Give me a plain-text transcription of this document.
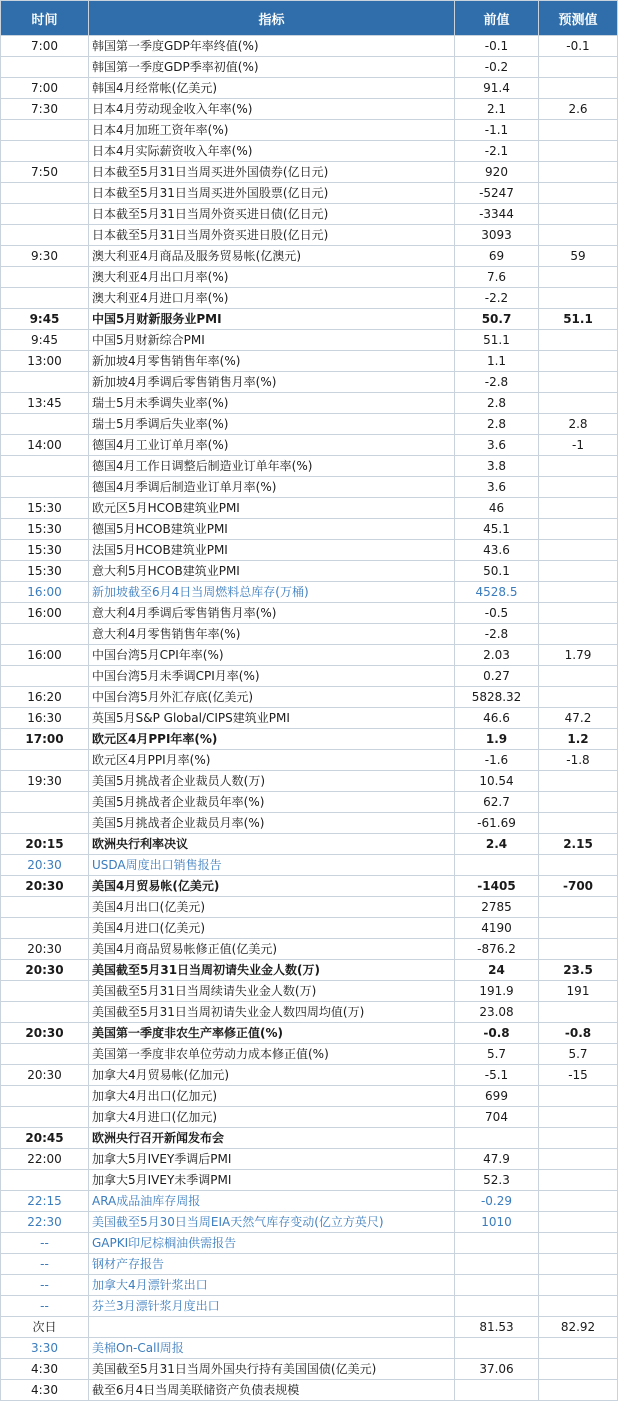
时间	指标	前值	预测值
7:00	韩国第一季度GDP年率终值(%)	-0.1	-0.1
	韩国第一季度GDP季率初值(%)	-0.2	
7:00	韩国4月经常帐(亿美元)	91.4	
7:30	日本4月劳动现金收入年率(%)	2.1	2.6
	日本4月加班工资年率(%)	-1.1	
	日本4月实际薪资收入年率(%)	-2.1	
7:50	日本截至5月31日当周买进外国债券(亿日元)	920	
	日本截至5月31日当周买进外国股票(亿日元)	-5247	
	日本截至5月31日当周外资买进日债(亿日元)	-3344	
	日本截至5月31日当周外资买进日股(亿日元)	3093	
9:30	澳大利亚4月商品及服务贸易帐(亿澳元)	69	59
	澳大利亚4月出口月率(%)	7.6	
	澳大利亚4月进口月率(%)	-2.2	
9:45	中国5月财新服务业PMI	50.7	51.1
9:45	中国5月财新综合PMI	51.1	
13:00	新加坡4月零售销售年率(%)	1.1	
	新加坡4月季调后零售销售月率(%)	-2.8	
13:45	瑞士5月未季调失业率(%)	2.8	
	瑞士5月季调后失业率(%)	2.8	2.8
14:00	德国4月工业订单月率(%)	3.6	-1
	德国4月工作日调整后制造业订单年率(%)	3.8	
	德国4月季调后制造业订单月率(%)	3.6	
15:30	欧元区5月HCOB建筑业PMI	46	
15:30	德国5月HCOB建筑业PMI	45.1	
15:30	法国5月HCOB建筑业PMI	43.6	
15:30	意大利5月HCOB建筑业PMI	50.1	
16:00	新加坡截至6月4日当周燃料总库存(万桶)	4528.5	
16:00	意大利4月季调后零售销售月率(%)	-0.5	
	意大利4月零售销售年率(%)	-2.8	
16:00	中国台湾5月CPI年率(%)	2.03	1.79
	中国台湾5月未季调CPI月率(%)	0.27	
16:20	中国台湾5月外汇存底(亿美元)	5828.32	
16:30	英国5月S&P Global/CIPS建筑业PMI	46.6	47.2
17:00	欧元区4月PPI年率(%)	1.9	1.2
	欧元区4月PPI月率(%)	-1.6	-1.8
19:30	美国5月挑战者企业裁员人数(万)	10.54	
	美国5月挑战者企业裁员年率(%)	62.7	
	美国5月挑战者企业裁员月率(%)	-61.69	
20:15	欧洲央行利率决议	2.4	2.15
20:30	USDA周度出口销售报告		
20:30	美国4月贸易帐(亿美元)	-1405	-700
	美国4月出口(亿美元)	2785	
	美国4月进口(亿美元)	4190	
20:30	美国4月商品贸易帐修正值(亿美元)	-876.2	
20:30	美国截至5月31日当周初请失业金人数(万)	24	23.5
	美国截至5月31日当周续请失业金人数(万)	191.9	191
	美国截至5月31日当周初请失业金人数四周均值(万)	23.08	
20:30	美国第一季度非农生产率修正值(%)	-0.8	-0.8
	美国第一季度非农单位劳动力成本修正值(%)	5.7	5.7
20:30	加拿大4月贸易帐(亿加元)	-5.1	-15
	加拿大4月出口(亿加元)	699	
	加拿大4月进口(亿加元)	704	
20:45	欧洲央行召开新闻发布会		
22:00	加拿大5月IVEY季调后PMI	47.9	
	加拿大5月IVEY未季调PMI	52.3	
22:15	ARA成品油库存周报	-0.29	
22:30	美国截至5月30日当周EIA天然气库存变动(亿立方英尺)	1010	
--	GAPKI印尼棕榈油供需报告		
--	钢材产存报告		
--	加拿大4月漂针浆出口		
--	芬兰3月漂针浆月度出口		
次日		81.53	82.92
3:30	美棉On-Call周报		
4:30	美国截至5月31日当周外国央行持有美国国债(亿美元)	37.06	
4:30	截至6月4日当周美联储资产负债表规模		
